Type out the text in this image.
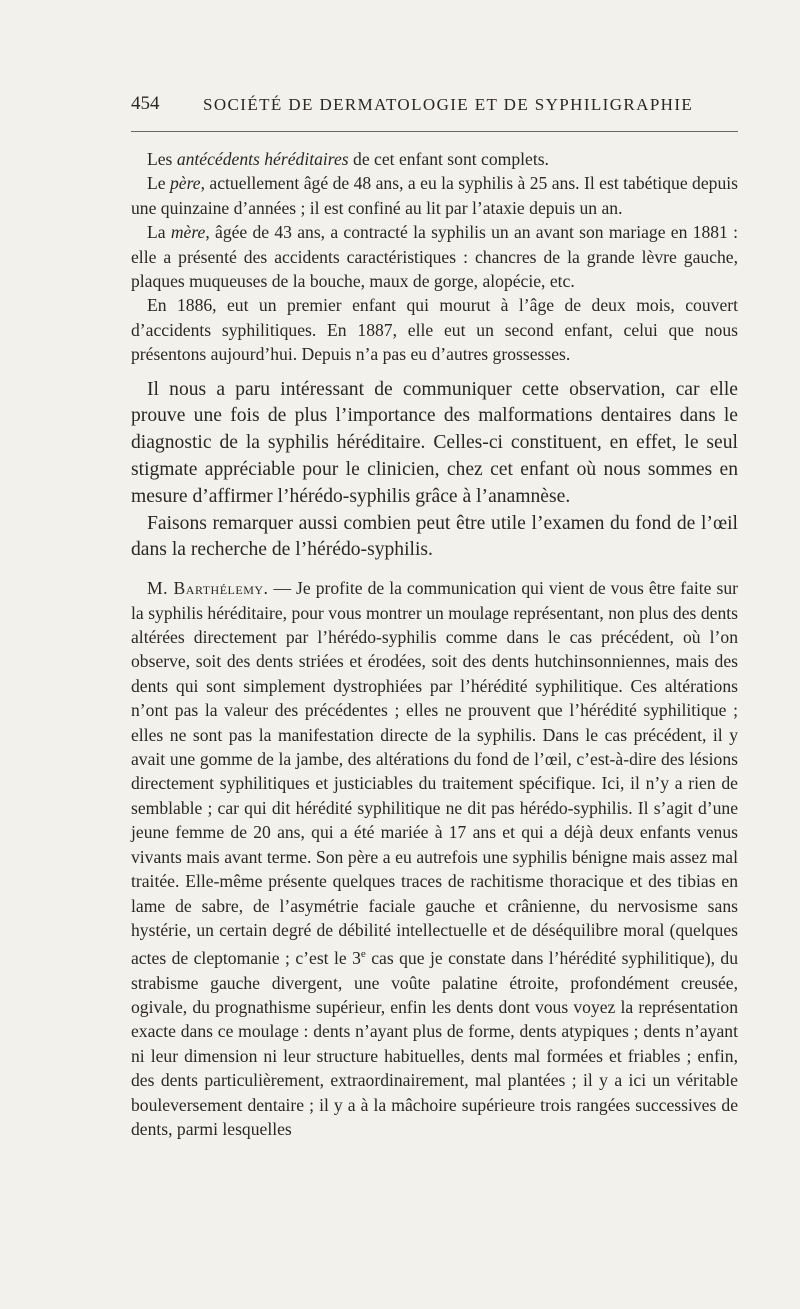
454	SOCIÉTÉ DE DERMATOLOGIE ET DE SYPHILIGRAPHIE

Les antécédents héréditaires de cet enfant sont complets.

Le père, actuellement âgé de 48 ans, a eu la syphilis à 25 ans. Il est tabétique depuis une quinzaine d’années ; il est confiné au lit par l’ataxie depuis un an.

La mère, âgée de 43 ans, a contracté la syphilis un an avant son mariage en 1881 : elle a présenté des accidents caractéristiques : chancres de la grande lèvre gauche, plaques muqueuses de la bouche, maux de gorge, alopécie, etc.

En 1886, eut un premier enfant qui mourut à l’âge de deux mois, couvert d’accidents syphilitiques. En 1887, elle eut un second enfant, celui que nous présentons aujourd’hui. Depuis n’a pas eu d’autres grossesses.

Il nous a paru intéressant de communiquer cette observation, car elle prouve une fois de plus l’importance des malformations dentaires dans le diagnostic de la syphilis héréditaire. Celles-ci constituent, en effet, le seul stigmate appréciable pour le clinicien, chez cet enfant où nous sommes en mesure d’affirmer l’hérédo-syphilis grâce à l’anamnèse.

Faisons remarquer aussi combien peut être utile l’examen du fond de l’œil dans la recherche de l’hérédo-syphilis.

M. Barthélemy. — Je profite de la communication qui vient de vous être faite sur la syphilis héréditaire, pour vous montrer un moulage représentant, non plus des dents altérées directement par l’hérédo-syphilis comme dans le cas précédent, où l’on observe, soit des dents striées et érodées, soit des dents hutchinsonniennes, mais des dents qui sont simplement dystrophiées par l’hérédité syphilitique. Ces altérations n’ont pas la valeur des précédentes ; elles ne prouvent que l’hérédité syphilitique ; elles ne sont pas la manifestation directe de la syphilis. Dans le cas précédent, il y avait une gomme de la jambe, des altérations du fond de l’œil, c’est-à-dire des lésions directement syphilitiques et justiciables du traitement spécifique. Ici, il n’y a rien de semblable ; car qui dit hérédité syphilitique ne dit pas hérédo-syphilis. Il s’agit d’une jeune femme de 20 ans, qui a été mariée à 17 ans et qui a déjà deux enfants venus vivants mais avant terme. Son père a eu autrefois une syphilis bénigne mais assez mal traitée. Elle-même présente quelques traces de rachitisme thoracique et des tibias en lame de sabre, de l’asymétrie faciale gauche et crânienne, du nervosisme sans hystérie, un certain degré de débilité intellectuelle et de déséquilibre moral (quelques actes de cleptomanie ; c’est le 3e cas que je constate dans l’hérédité syphilitique), du strabisme gauche divergent, une voûte palatine étroite, profondément creusée, ogivale, du prognathisme supérieur, enfin les dents dont vous voyez la représentation exacte dans ce moulage : dents n’ayant plus de forme, dents atypiques ; dents n’ayant ni leur dimension ni leur structure habituelles, dents mal formées et friables ; enfin, des dents particulièrement, extraordinairement, mal plantées ; il y a ici un véritable bouleversement dentaire ; il y a à la mâchoire supérieure trois rangées successives de dents, parmi lesquelles
